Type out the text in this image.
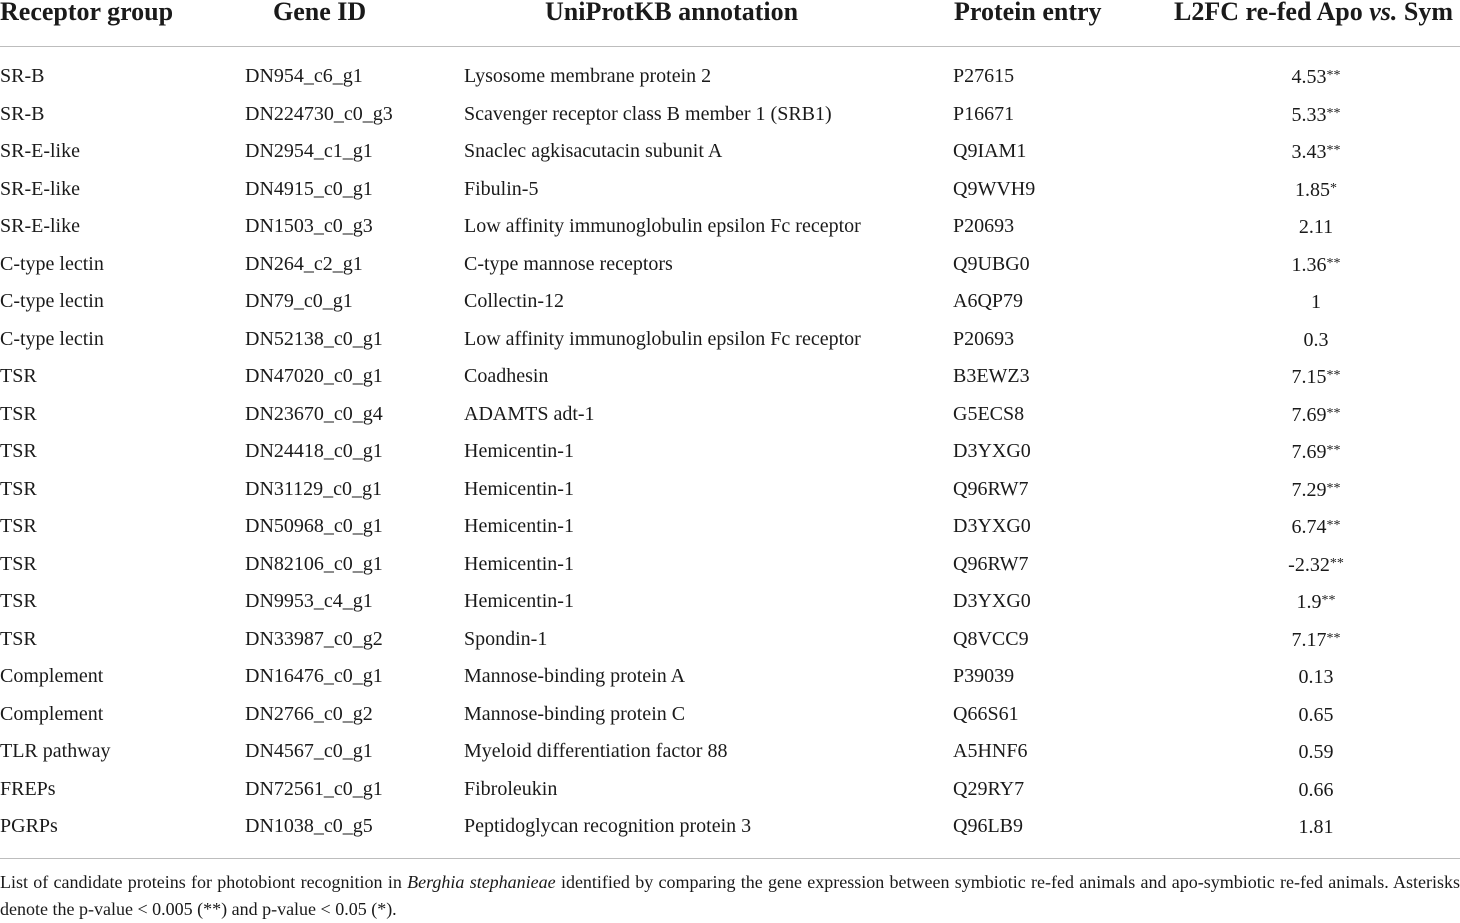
Receptor group	Gene ID	UniProtKB annotation	Protein entry	L2FC re-fed Apo vs. Sym
SR-B	DN954_c6_g1	Lysosome membrane protein 2	P27615	4.53**
SR-B	DN224730_c0_g3	Scavenger receptor class B member 1 (SRB1)	P16671	5.33**
SR-E-like	DN2954_c1_g1	Snaclec agkisacutacin subunit A	Q9IAM1	3.43**
SR-E-like	DN4915_c0_g1	Fibulin-5	Q9WVH9	1.85*
SR-E-like	DN1503_c0_g3	Low affinity immunoglobulin epsilon Fc receptor	P20693	2.11
C-type lectin	DN264_c2_g1	C-type mannose receptors	Q9UBG0	1.36**
C-type lectin	DN79_c0_g1	Collectin-12	A6QP79	1
C-type lectin	DN52138_c0_g1	Low affinity immunoglobulin epsilon Fc receptor	P20693	0.3
TSR	DN47020_c0_g1	Coadhesin	B3EWZ3	7.15**
TSR	DN23670_c0_g4	ADAMTS adt-1	G5ECS8	7.69**
TSR	DN24418_c0_g1	Hemicentin-1	D3YXG0	7.69**
TSR	DN31129_c0_g1	Hemicentin-1	Q96RW7	7.29**
TSR	DN50968_c0_g1	Hemicentin-1	D3YXG0	6.74**
TSR	DN82106_c0_g1	Hemicentin-1	Q96RW7	-2.32**
TSR	DN9953_c4_g1	Hemicentin-1	D3YXG0	1.9**
TSR	DN33987_c0_g2	Spondin-1	Q8VCC9	7.17**
Complement	DN16476_c0_g1	Mannose-binding protein A	P39039	0.13
Complement	DN2766_c0_g2	Mannose-binding protein C	Q66S61	0.65
TLR pathway	DN4567_c0_g1	Myeloid differentiation factor 88	A5HNF6	0.59
FREPs	DN72561_c0_g1	Fibroleukin	Q29RY7	0.66
PGRPs	DN1038_c0_g5	Peptidoglycan recognition protein 3	Q96LB9	1.81
List of candidate proteins for photobiont recognition in Berghia stephanieae identified by comparing the gene expression between symbiotic re-fed animals and apo-symbiotic re-fed animals. Asterisks denote the p-value < 0.005 (**) and p-value < 0.05 (*).
